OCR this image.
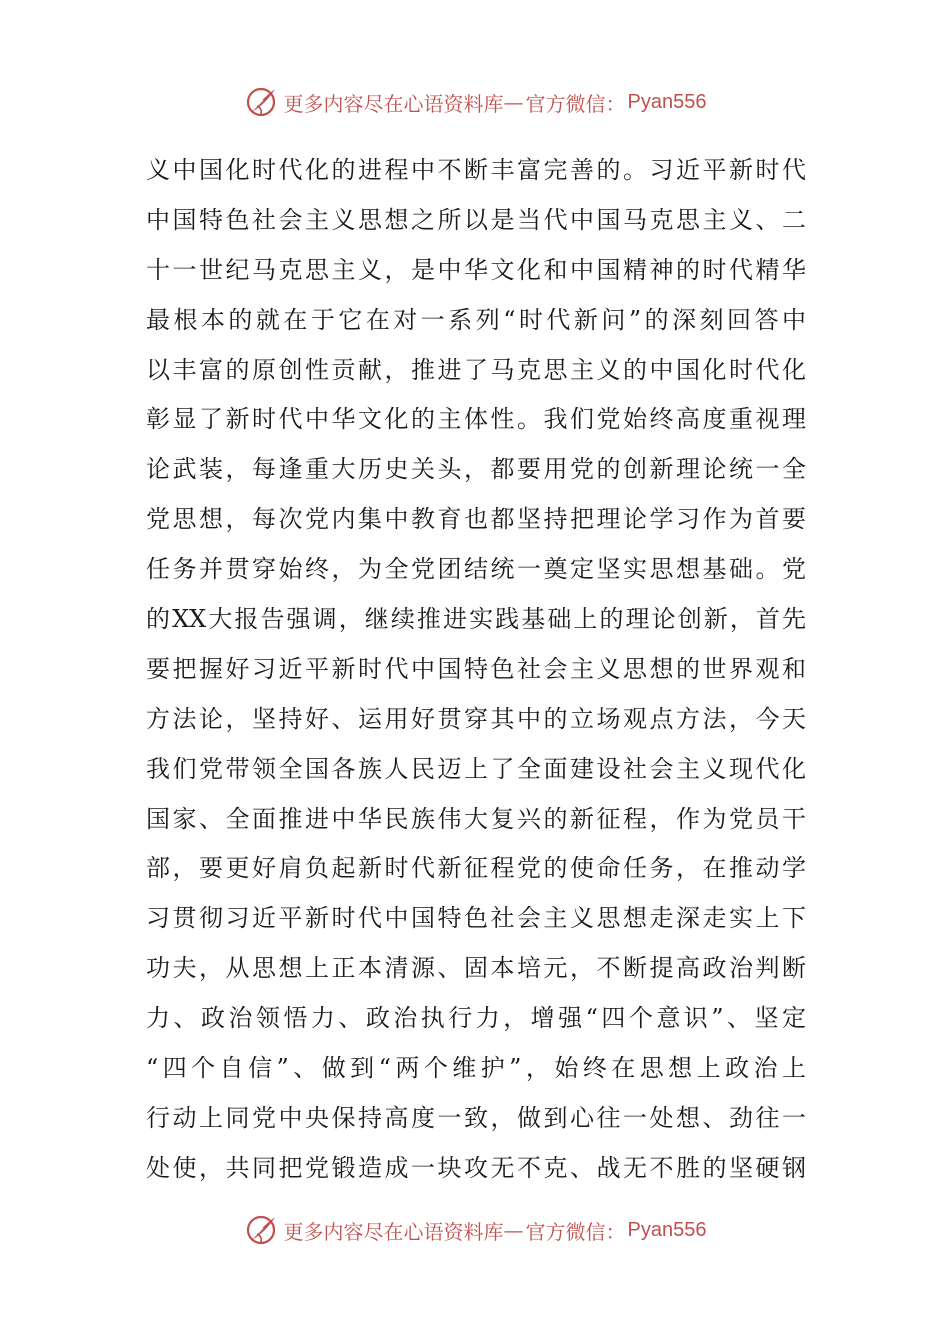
更多内容尽在心语资料库 — 官方微信： Pyan556
义中国化时代化的进程中不断丰富完善的。习近平新时代
中国特色社会主义思想之所以是当代中国马克思主义、二
十一世纪马克思主义，是中华文化和中国精神的时代精华
最根本的就在于它在对一系列“时代新问”的深刻回答中
以丰富的原创性贡献，推进了马克思主义的中国化时代化
彰显了新时代中华文化的主体性。我们党始终高度重视理
论武装，每逢重大历史关头，都要用党的创新理论统一全
党思想，每次党内集中教育也都坚持把理论学习作为首要
任务并贯穿始终，为全党团结统一奠定坚实思想基础。党
的XX大报告强调，继续推进实践基础上的理论创新，首先
要把握好习近平新时代中国特色社会主义思想的世界观和
方法论，坚持好、运用好贯穿其中的立场观点方法，今天
我们党带领全国各族人民迈上了全面建设社会主义现代化
国家、全面推进中华民族伟大复兴的新征程，作为党员干
部，要更好肩负起新时代新征程党的使命任务，在推动学
习贯彻习近平新时代中国特色社会主义思想走深走实上下
功夫，从思想上正本清源、固本培元，不断提高政治判断
力、政治领悟力、政治执行力，增强“四个意识”、坚定
“四个自信”、做到“两个维护”，始终在思想上政治上
行动上同党中央保持高度一致，做到心往一处想、劲往一
处使，共同把党锻造成一块攻无不克、战无不胜的坚硬钢
更多内容尽在心语资料库 — 官方微信： Pyan556
